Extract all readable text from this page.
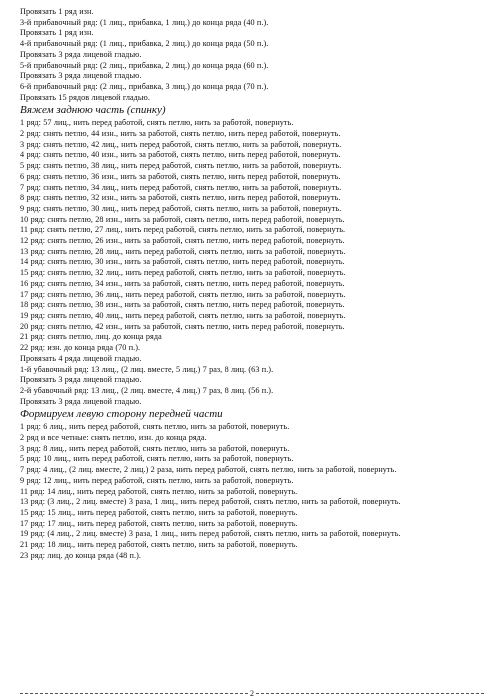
Провязать 1 ряд изн.
3-й прибавочный ряд: (1 лиц., прибавка, 1 лиц.) до конца ряда (40 п.).
Провязать 1 ряд изн.
4-й прибавочный ряд: (1 лиц., прибавка, 2 лиц.) до конца ряда (50 п.).
Провязать 3 ряда лицевой гладью.
5-й прибавочный ряд: (2 лиц., прибавка, 2 лиц.) до конца ряда (60 п.).
Провязать 3 ряда лицевой гладью.
6-й прибавочный ряд: (2 лиц., прибавка, 3 лиц.) до конца ряда (70 п.).
Провязать 15 рядов лицевой гладью.
Вяжем заднюю часть (спинку)
1 ряд: 57 лиц., нить перед работой, снять петлю, нить за работой, повернуть.
2 ряд: снять петлю, 44 изн., нить за работой, снять петлю, нить перед работой, повернуть.
3 ряд: снять петлю, 42 лиц., нить перед работой, снять петлю, нить за работой, повернуть.
4 ряд: снять петлю, 40 изн., нить за работой, снять петлю, нить перед работой, повернуть.
5 ряд: снять петлю, 38 лиц., нить перед работой, снять петлю, нить за работой, повернуть.
6 ряд: снять петлю, 36 изн., нить за работой, снять петлю, нить перед работой, повернуть.
7 ряд: снять петлю, 34 лиц., нить перед работой, снять петлю, нить за работой, повернуть.
8 ряд: снять петлю, 32 изн., нить за работой, снять петлю, нить перед работой, повернуть.
9 ряд: снять петлю, 30 лиц., нить перед работой, снять петлю, нить за работой, повернуть.
10 ряд: снять петлю, 28 изн., нить за работой, снять петлю, нить перед работой, повернуть.
11 ряд: снять петлю, 27 лиц., нить перед работой, снять петлю, нить за работой, повернуть.
12 ряд: снять петлю, 26 изн., нить за работой, снять петлю, нить перед работой, повернуть.
13 ряд: снять петлю, 28 лиц., нить перед работой, снять петлю, нить за работой, повернуть.
14 ряд: снять петлю, 30 изн., нить за работой, снять петлю, нить перед работой, повернуть.
15 ряд: снять петлю, 32 лиц., нить перед работой, снять петлю, нить за работой, повернуть.
16 ряд: снять петлю, 34 изн., нить за работой, снять петлю, нить перед работой, повернуть.
17 ряд: снять петлю, 36 лиц., нить перед работой, снять петлю, нить за работой, повернуть.
18 ряд: снять петлю, 38 изн., нить за работой, снять петлю, нить перед работой, повернуть.
19 ряд: снять петлю, 40 лиц., нить перед работой, снять петлю, нить за работой, повернуть.
20 ряд: снять петлю, 42 изн., нить за работой, снять петлю, нить перед работой, повернуть.
21 ряд: снять петлю, лиц. до конца ряда
22 ряд: изн. до конца ряда (70 п.).
Провязать 4 ряда лицевой гладью.
1-й убавочный ряд: 13 лиц., (2 лиц. вместе, 5 лиц.) 7 раз, 8 лиц. (63 п.).
Провязать 3 ряда лицевой гладью.
2-й убавочный ряд: 13 лиц., (2 лиц. вместе, 4 лиц.) 7 раз, 8 лиц. (56 п.).
Провязать 3 ряда лицевой гладью.
Формируем левую сторону передней части
1 ряд: 6 лиц., нить перед работой, снять петлю, нить за работой, повернуть.
2 ряд и все четные: снять петлю, изн. до конца ряда.
3 ряд: 8 лиц., нить перед работой, снять петлю, нить за работой, повернуть.
5 ряд: 10 лиц., нить перед работой, снять петлю, нить за работой, повернуть.
7 ряд: 4 лиц., (2 лиц. вместе, 2 лиц.) 2 раза, нить перед работой, снять петлю, нить за работой, повернуть.
9 ряд: 12 лиц., нить перед работой, снять петлю, нить за работой, повернуть.
11 ряд: 14 лиц., нить перед работой, снять петлю, нить за работой, повернуть.
13 ряд: (3 лиц., 2 лиц. вместе) 3 раза, 1 лиц., нить перед работой, снять петлю, нить за работой, повернуть.
15 ряд: 15 лиц., нить перед работой, снять петлю, нить за работой, повернуть.
17 ряд: 17 лиц., нить перед работой, снять петлю, нить за работой, повернуть.
19 ряд: (4 лиц., 2 лиц. вместе) 3 раза, 1 лиц., нить перед работой, снять петлю, нить за работой, повернуть.
21 ряд: 18 лиц., нить перед работой, снять петлю, нить за работой, повернуть.
23 ряд: лиц. до конца ряда (48 п.).
2
